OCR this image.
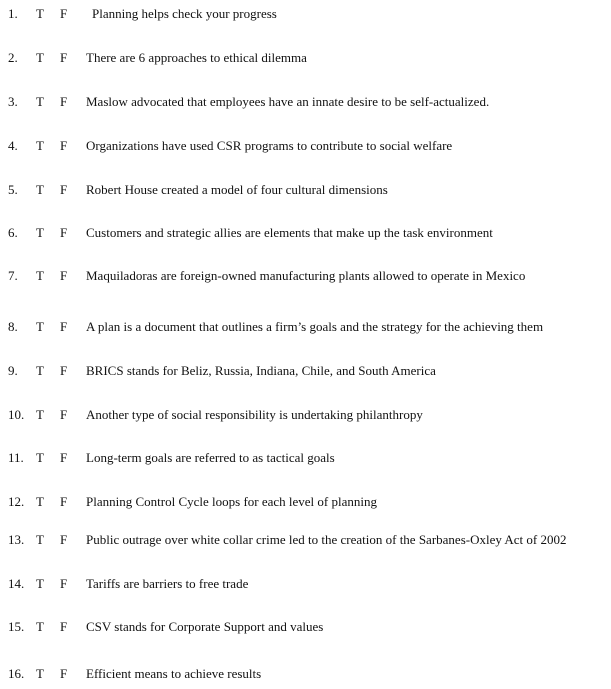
1. T F Planning helps check your progress
2. T F There are 6 approaches to ethical dilemma
3. T F Maslow advocated that employees have an innate desire to be self-actualized.
4. T F Organizations have used CSR programs to contribute to social welfare
5. T F Robert House created a model of four cultural dimensions
6. T F Customers and strategic allies are elements that make up the task environment
7. T F Maquiladoras are foreign-owned manufacturing plants allowed to operate in Mexico
8. T F A plan is a document that outlines a firm’s goals and the strategy for the achieving them
9. T F BRICS stands for Beliz, Russia, Indiana, Chile, and South America
10. T F Another type of social responsibility is undertaking philanthropy
11. T F Long-term goals are referred to as tactical goals
12. T F Planning Control Cycle loops for each level of planning
13. T F Public outrage over white collar crime led to the creation of the Sarbanes-Oxley Act of 2002
14. T F Tariffs are barriers to free trade
15. T F CSV stands for Corporate Support and values
16. T F Efficient means to achieve results
